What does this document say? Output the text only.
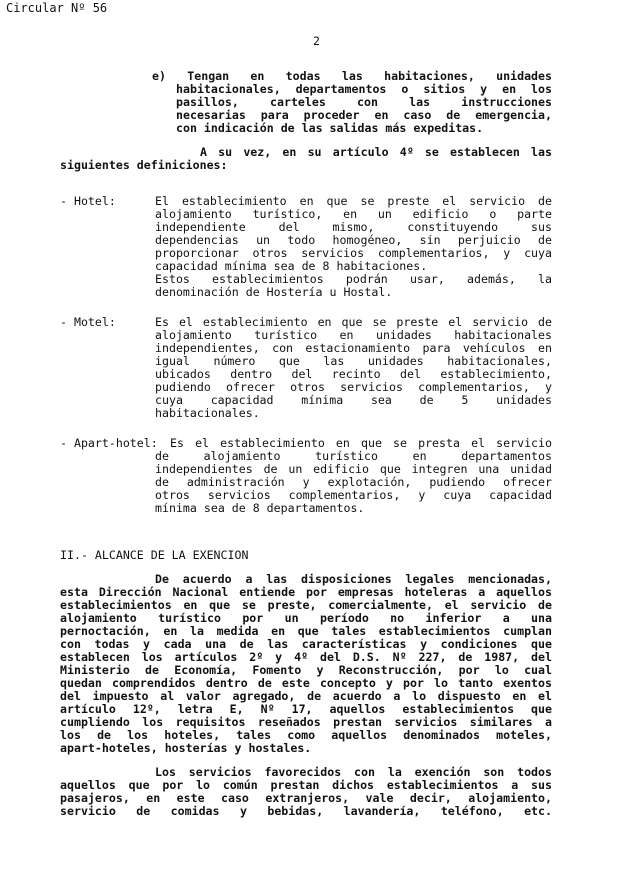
Circular Nº 56
2
e) Tengan en todas las habitaciones, unidades
habitacionales, departamentos o sitios y en los
pasillos, carteles con las instrucciones
necesarias para proceder en caso de emergencia,
con indicación de las salidas más expeditas.
A su vez, en su artículo 4º se establecen las
siguientes definiciones:
- Hotel:	El establecimiento en que se preste el servicio de
alojamiento turístico, en un edificio o parte
independiente del mismo, constituyendo sus
dependencias un todo homogéneo, sin perjuicio de
proporcionar otros servicios complementarios, y cuya
capacidad mínima sea de 8 habitaciones.
Estos establecimientos podrán usar, además, la
denominación de Hostería u Hostal.
- Motel:	Es el establecimiento en que se preste el servicio de
alojamiento turístico en unidades habitacionales
independientes, con estacionamiento para vehículos en
igual número que las unidades habitacionales,
ubicados dentro del recinto del establecimiento,
pudiendo ofrecer otros servicios complementarios, y
cuya capacidad mínima sea de 5 unidades
habitacionales.
- Apart-hotel: Es el establecimiento en que se presta el servicio
de alojamiento turístico en departamentos
independientes de un edificio que integren una unidad
de administración y explotación, pudiendo ofrecer
otros servicios complementarios, y cuya capacidad
mínima sea de 8 departamentos.
II.- ALCANCE DE LA EXENCION
De acuerdo a las disposiciones legales mencionadas,
esta Dirección Nacional entiende por empresas hoteleras a aquellos
establecimientos en que se preste, comercialmente, el servicio de
alojamiento turístico por un período no inferior a una
pernoctación, en la medida en que tales establecimientos cumplan
con todas y cada una de las características y condiciones que
establecen los artículos 2º y 4º del D.S. Nº 227, de 1987, del
Ministerio de Economía, Fomento y Reconstrucción, por lo cual
quedan comprendidos dentro de este concepto y por lo tanto exentos
del impuesto al valor agregado, de acuerdo a lo dispuesto en el
artículo 12º, letra E, Nº 17, aquellos establecimientos que
cumpliendo los requisitos reseñados prestan servicios similares a
los de los hoteles, tales como aquellos denominados moteles,
apart-hoteles, hosterías y hostales.
Los servicios favorecidos con la exención son todos
aquellos que por lo común prestan dichos establecimientos a sus
pasajeros, en este caso extranjeros, vale decir, alojamiento,
servicio de comidas y bebidas, lavandería, teléfono, etc.
